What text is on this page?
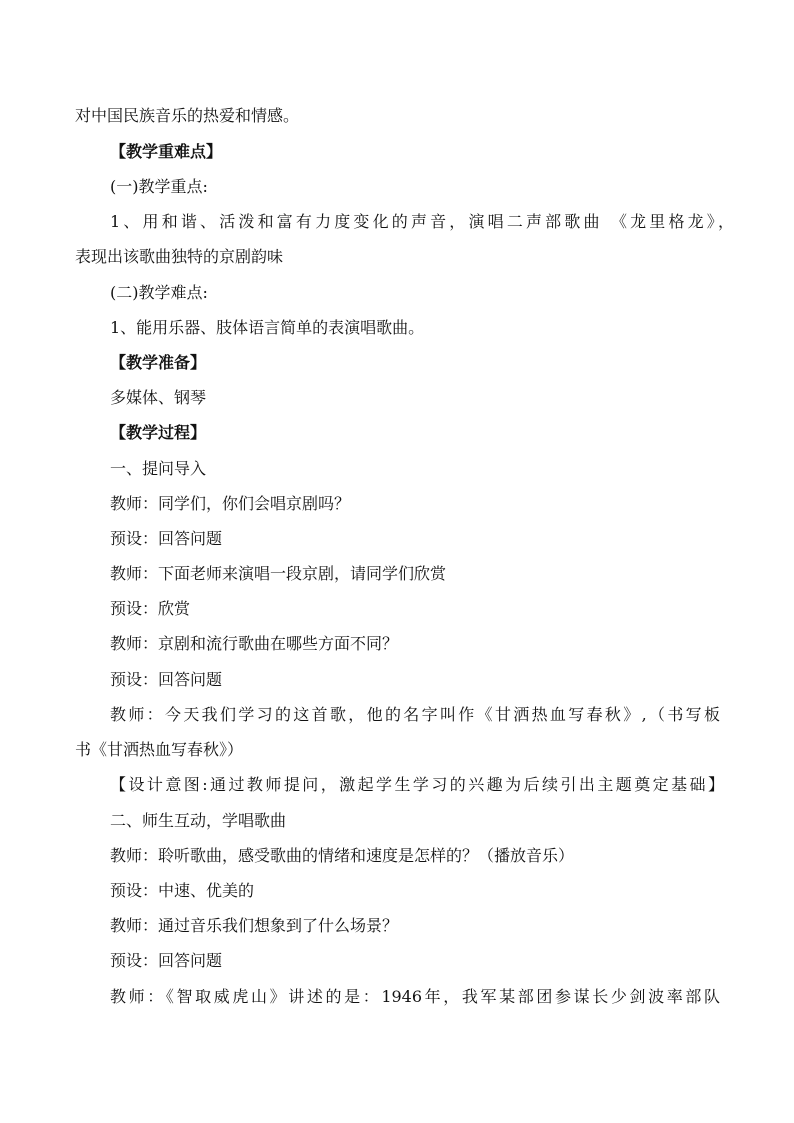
对中国民族音乐的热爱和情感。
【教学重难点】
(一)教学重点:
1、用和谐、活泼和富有力度变化的声音，演唱二声部歌曲 《龙里格龙》，
表现出该歌曲独特的京剧韵味
(二)教学难点:
1、能用乐器、肢体语言简单的表演唱歌曲。
【教学准备】
多媒体、钢琴
【教学过程】
一、提问导入
教师：同学们，你们会唱京剧吗？
预设：回答问题
教师：下面老师来演唱一段京剧，请同学们欣赏
预设：欣赏
教师：京剧和流行歌曲在哪些方面不同？
预设：回答问题
教师：今天我们学习的这首歌，他的名字叫作《甘洒热血写春秋》,（书写板
书《甘洒热血写春秋》）
【设计意图:通过教师提问，激起学生学习的兴趣为后续引出主题奠定基础】
二、师生互动，学唱歌曲
教师：聆听歌曲，感受歌曲的情绪和速度是怎样的？（播放音乐）
预设：中速、优美的
教师：通过音乐我们想象到了什么场景？
预设：回答问题
教师：《智取威虎山》讲述的是：1946年，我军某部团参谋长少剑波率部队
